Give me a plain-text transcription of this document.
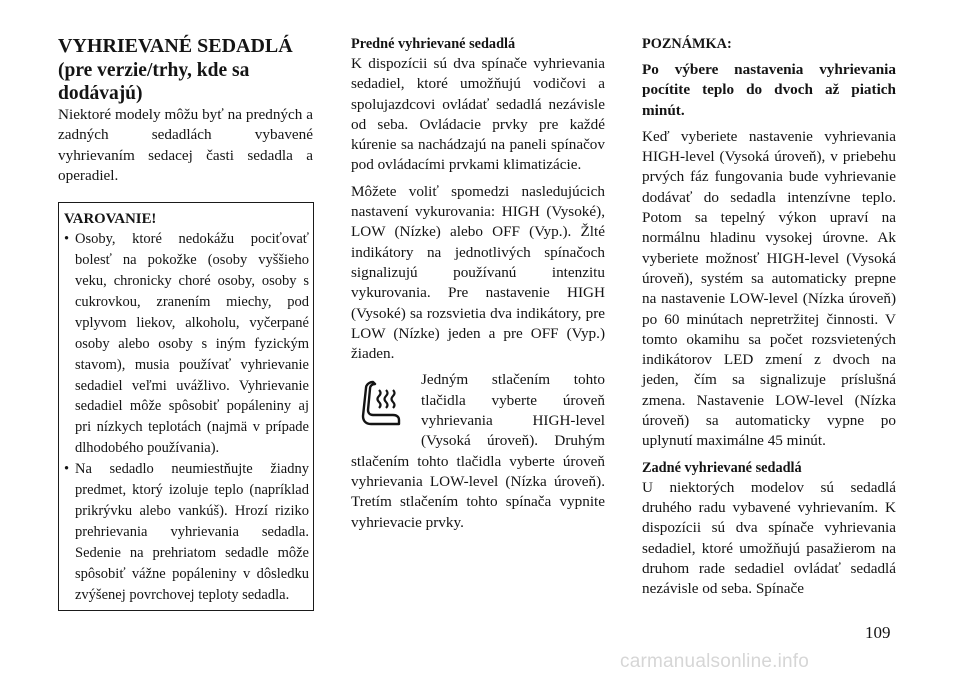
VYHRIEVANÉ SEDADLÁ
(pre verzie/trhy, kde sa dodávajú)

Niektoré modely môžu byť na predných a zadných sedadlách vybavené vyhrievaním sedacej časti sedadla a operadiel.

VAROVANIE!

• Osoby, ktoré nedokážu pociťovať bolesť na pokožke (osoby vyššieho veku, chronicky choré osoby, osoby s cukrovkou, zranením miechy, pod vplyvom liekov, alkoholu, vyčerpané osoby alebo osoby s iným fyzickým stavom), musia používať vyhrievanie sedadiel veľmi uvážlivo. Vyhrievanie sedadiel môže spôsobiť popáleniny aj pri nízkych teplotách (najmä v prípade dlhodobého používania).
• Na sedadlo neumiestňujte žiadny predmet, ktorý izoluje teplo (napríklad prikrývku alebo vankúš). Hrozí riziko prehrievania vyhrievania sedadla. Sedenie na prehriatom sedadle môže spôsobiť vážne popáleniny v dôsledku zvýšenej povrchovej teploty sedadla.

Predné vyhrievané sedadlá

K dispozícii sú dva spínače vyhrievania sedadiel, ktoré umožňujú vodičovi a spolujazdcovi ovládať sedadlá nezávisle od seba. Ovládacie prvky pre každé kúrenie sa nachádzajú na paneli spínačov pod ovládacími prvkami klimatizácie.

Môžete voliť spomedzi nasledujúcich nastavení vykurovania: HIGH (Vysoké), LOW (Nízke) alebo OFF (Vyp.). Žlté indikátory na jednotlivých spínačoch signalizujú používanú intenzitu vykurovania. Pre nastavenie HIGH (Vysoké) sa rozsvietia dva indikátory, pre LOW (Nízke) jeden a pre OFF (Vyp.) žiaden.

Jedným stlačením tohto tlačidla vyberte úroveň vyhrievania HIGH-level (Vysoká úroveň). Druhým stlačením tohto tlačidla vyberte úroveň vyhrievania LOW-level (Nízka úroveň). Tretím stlačením tohto spínača vypnite vyhrievacie prvky.

POZNÁMKA:

Po výbere nastavenia vyhrievania pocítite teplo do dvoch až piatich minút.

Keď vyberiete nastavenie vyhrievania HIGH-level (Vysoká úroveň), v priebehu prvých fáz fungovania bude vyhrievanie dodávať do sedadla intenzívne teplo. Potom sa tepelný výkon upraví na normálnu hladinu vysokej úrovne. Ak vyberiete možnosť HIGH-level (Vysoká úroveň), systém sa automaticky prepne na nastavenie LOW-level (Nízka úroveň) po 60 minútach nepretržitej činnosti. V tomto okamihu sa počet rozsvietených indikátorov LED zmení z dvoch na jeden, čím sa signalizuje príslušná zmena. Nastavenie LOW-level (Nízka úroveň) sa automaticky vypne po uplynutí maximálne 45 minút.

Zadné vyhrievané sedadlá

U niektorých modelov sú sedadlá druhého radu vybavené vyhrievaním. K dispozícii sú dva spínače vyhrievania sedadiel, ktoré umožňujú pasažierom na druhom rade sedadiel ovládať sedadlá nezávisle od seba. Spínače

109
carmanualsonline.info
